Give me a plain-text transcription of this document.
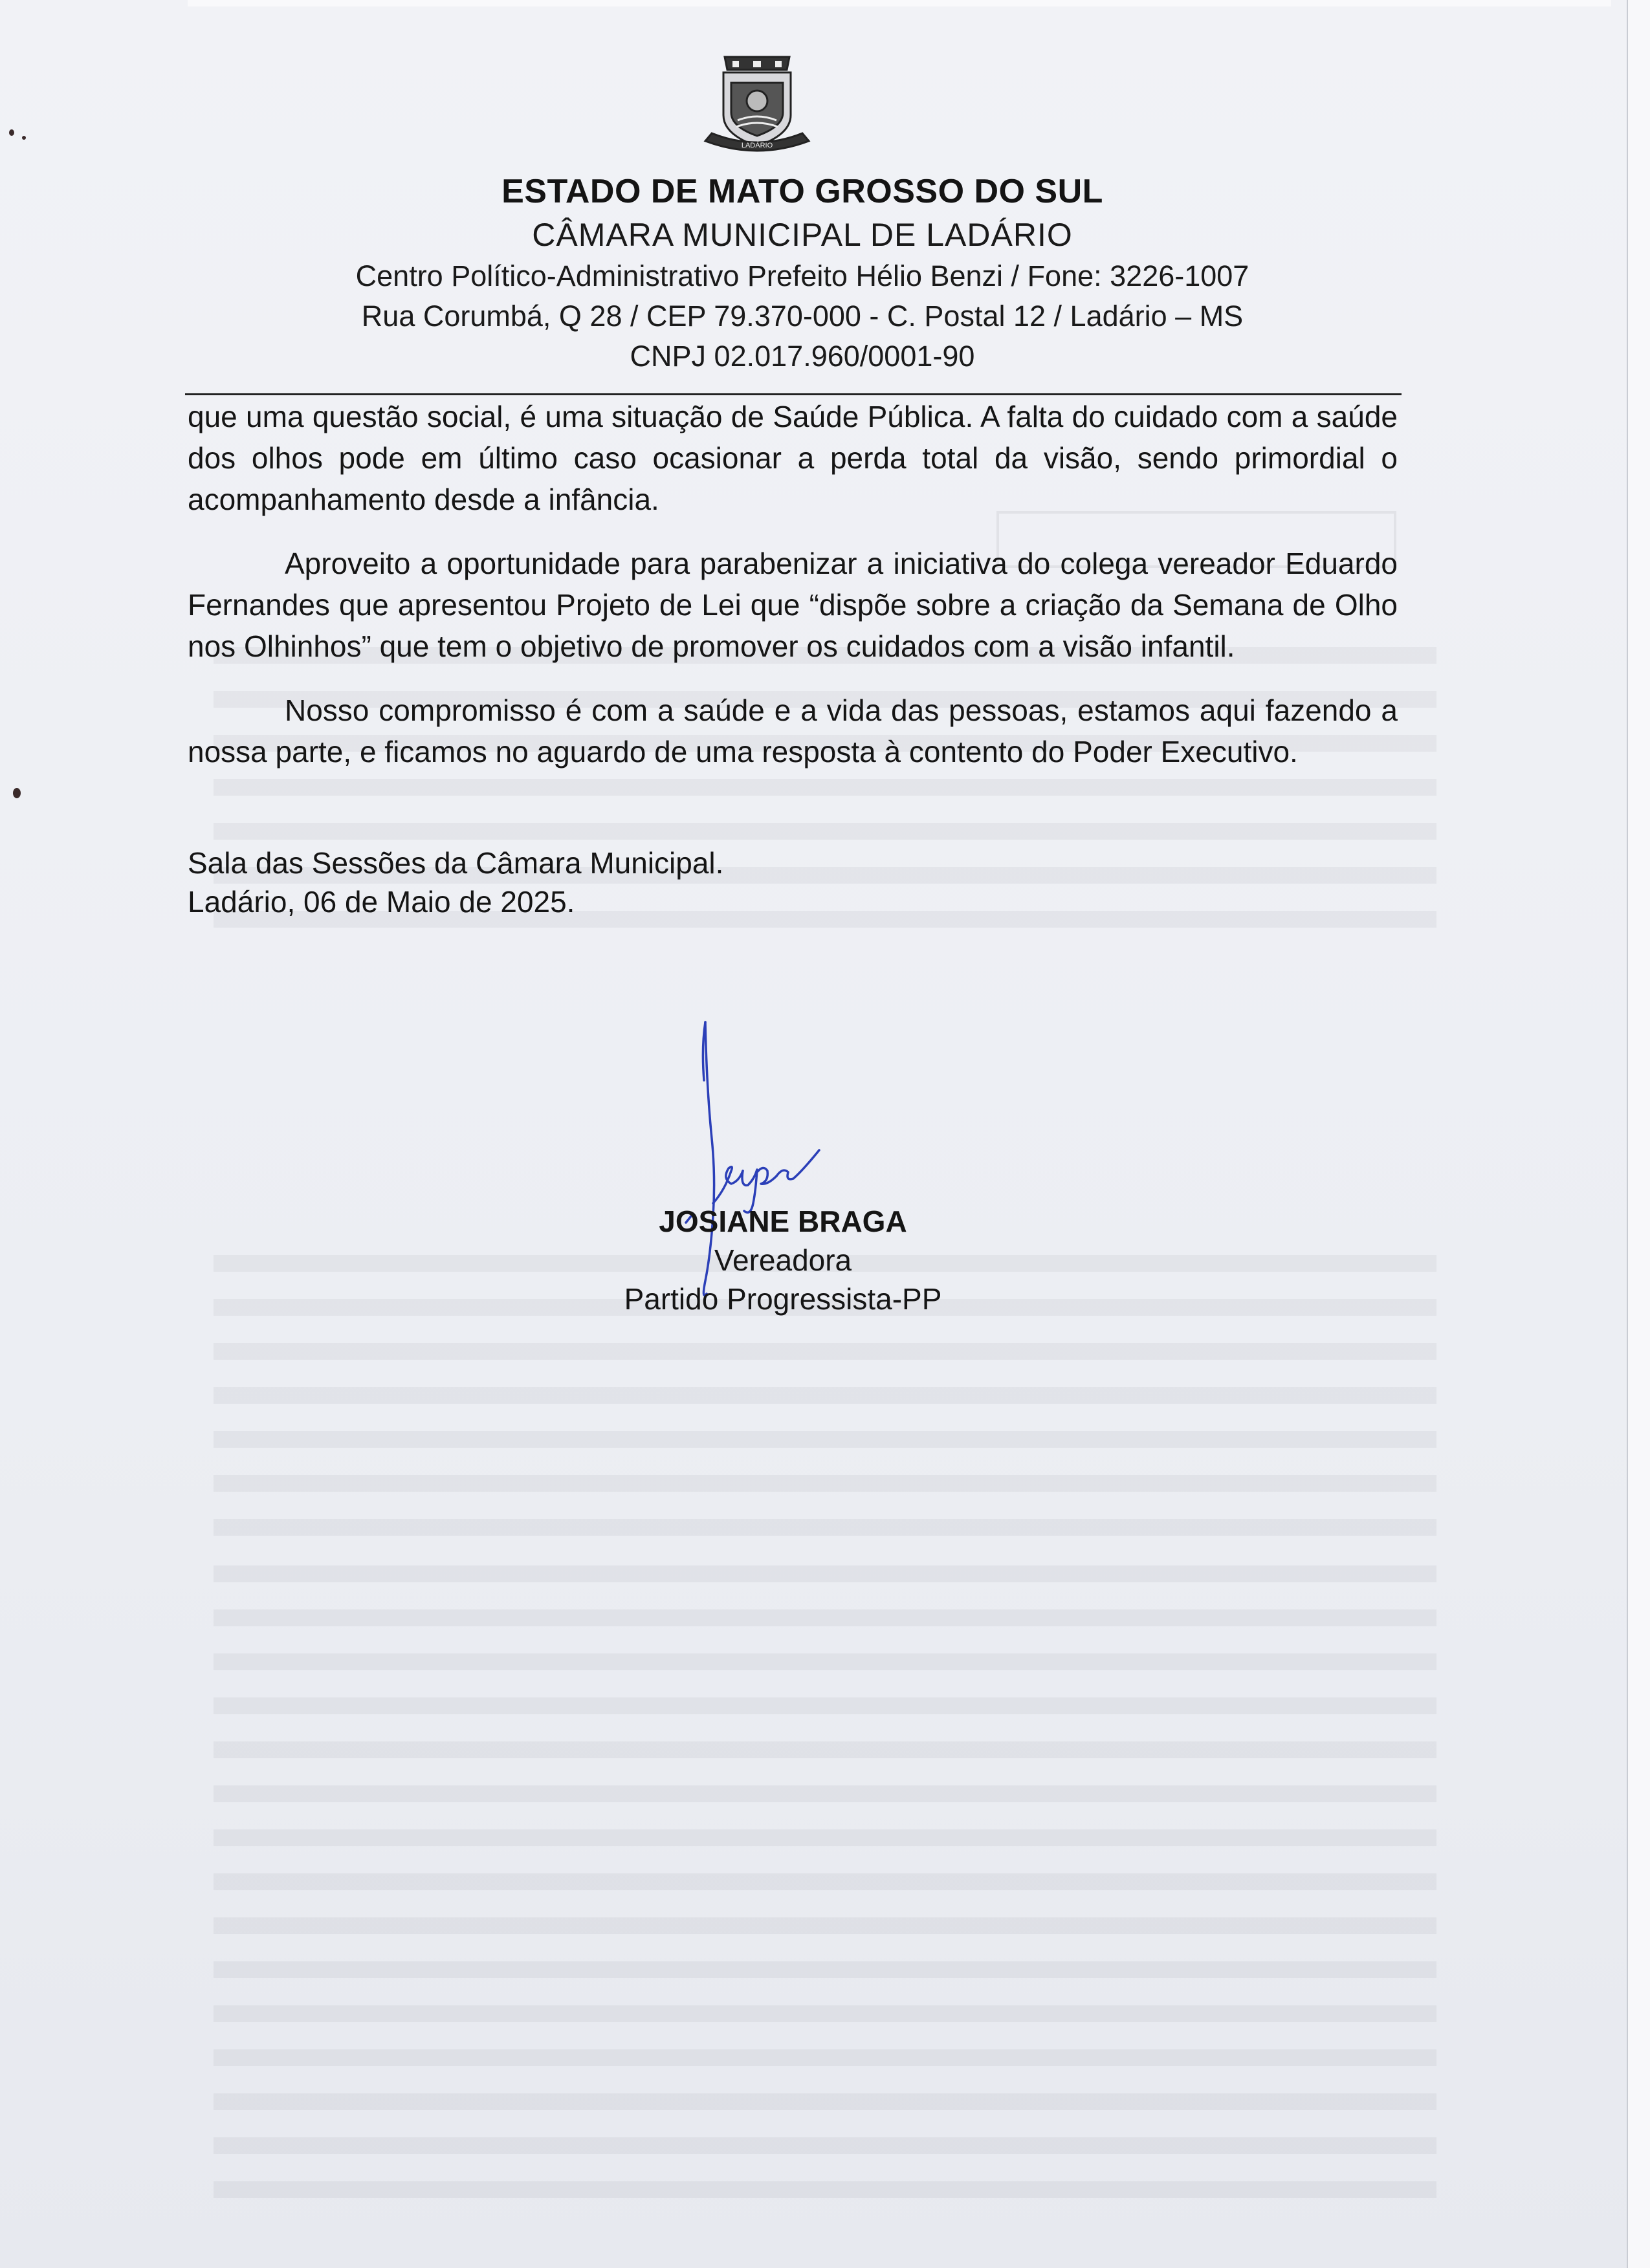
LADÁRIO
ESTADO DE MATO GROSSO DO SUL
CÂMARA MUNICIPAL DE LADÁRIO
Centro Político-Administrativo Prefeito Hélio Benzi / Fone: 3226-1007
Rua Corumbá, Q 28 / CEP 79.370-000 - C. Postal 12 / Ladário – MS
CNPJ 02.017.960/0001-90

que uma questão social, é uma situação de Saúde Pública. A falta do cuidado com a saúde dos olhos pode em último caso ocasionar a perda total da visão, sendo primordial o acompanhamento desde a infância.

Aproveito a oportunidade para parabenizar a iniciativa do colega vereador Eduardo Fernandes que apresentou Projeto de Lei que “dispõe sobre a criação da Semana de Olho nos Olhinhos” que tem o objetivo de promover os cuidados com a visão infantil.

Nosso compromisso é com a saúde e a vida das pessoas, estamos aqui fazendo a nossa parte, e ficamos no aguardo de uma resposta à contento do Poder Executivo.

Sala das Sessões da Câmara Municipal.
Ladário, 06 de Maio de 2025.
JOSIANE BRAGA
Vereadora
Partido Progressista-PP
